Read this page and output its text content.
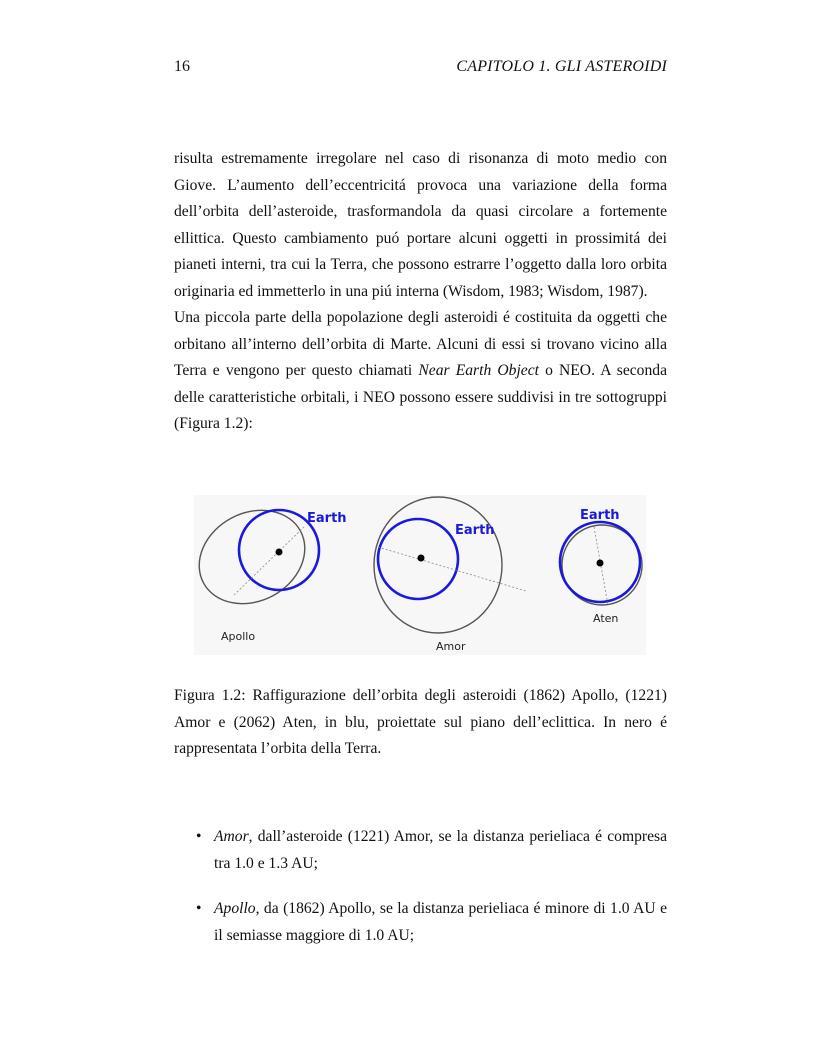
16	CAPITOLO 1. GLI ASTEROIDI

risulta estremamente irregolare nel caso di risonanza di moto medio con Giove. L’aumento dell’eccentricitá provoca una variazione della forma dell’orbita dell’asteroide, trasformandola da quasi circolare a fortemente ellittica. Questo cambiamento puó portare alcuni oggetti in prossimitá dei pianeti interni, tra cui la Terra, che possono estrarre l’oggetto dalla loro orbita originaria ed immetterlo in una piú interna (Wisdom, 1983; Wisdom, 1987).

Una piccola parte della popolazione degli asteroidi é costituita da oggetti che orbitano all’interno dell’orbita di Marte. Alcuni di essi si trovano vicino alla Terra e vengono per questo chiamati Near Earth Object o NEO. A seconda delle caratteristiche orbitali, i NEO possono essere suddivisi in tre sottogruppi (Figura 1.2):

Earth
Apollo
Earth
Amor
Earth
Aten

Figura 1.2: Raffigurazione dell’orbita degli asteroidi (1862) Apollo, (1221) Amor e (2062) Aten, in blu, proiettate sul piano dell’eclittica. In nero é rappresentata l’orbita della Terra.

• Amor, dall’asteroide (1221) Amor, se la distanza perieliaca é compresa tra 1.0 e 1.3 AU;
• Apollo, da (1862) Apollo, se la distanza perieliaca é minore di 1.0 AU e il semiasse maggiore di 1.0 AU;
